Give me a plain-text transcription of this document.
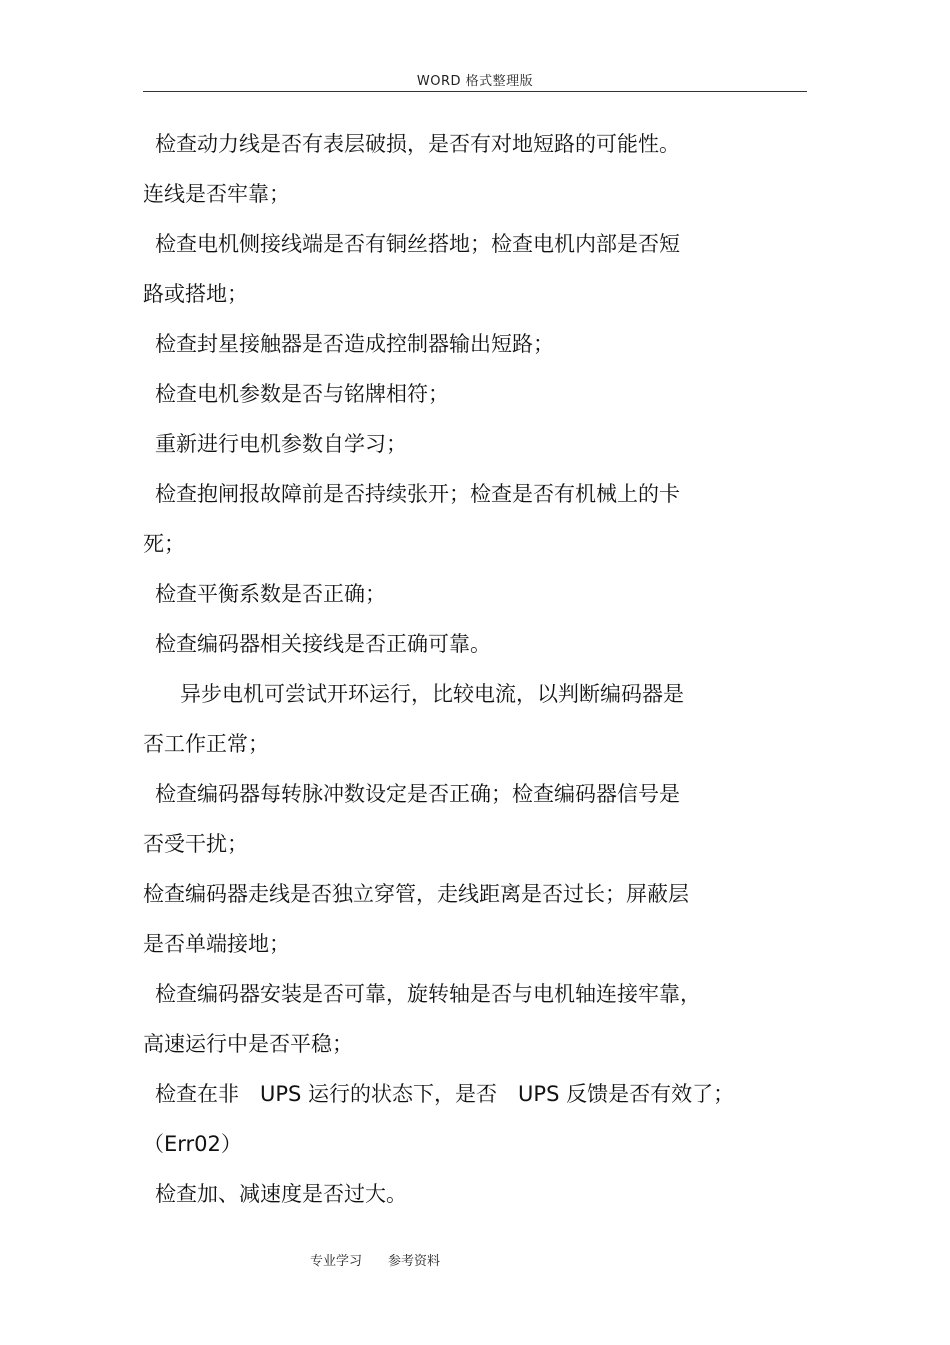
WORD 格式整理版
检查动力线是否有表层破损，是否有对地短路的可能性。
连线是否牢靠；
检查电机侧接线端是否有铜丝搭地；检查电机内部是否短
路或搭地；
检查封星接触器是否造成控制器输出短路；
检查电机参数是否与铭牌相符；
重新进行电机参数自学习；
检查抱闸报故障前是否持续张开；检查是否有机械上的卡
死；
检查平衡系数是否正确；
检查编码器相关接线是否正确可靠。
异步电机可尝试开环运行，比较电流，以判断编码器是
否工作正常；
检查编码器每转脉冲数设定是否正确；检查编码器信号是
否受干扰；
检查编码器走线是否独立穿管，走线距离是否过长；屏蔽层
是否单端接地；
检查编码器安装是否可靠，旋转轴是否与电机轴连接牢靠，
高速运行中是否平稳；
检查在非　UPS 运行的状态下，是否　UPS 反馈是否有效了；
（Err02）
检查加、减速度是否过大。
专业学习 参考资料
